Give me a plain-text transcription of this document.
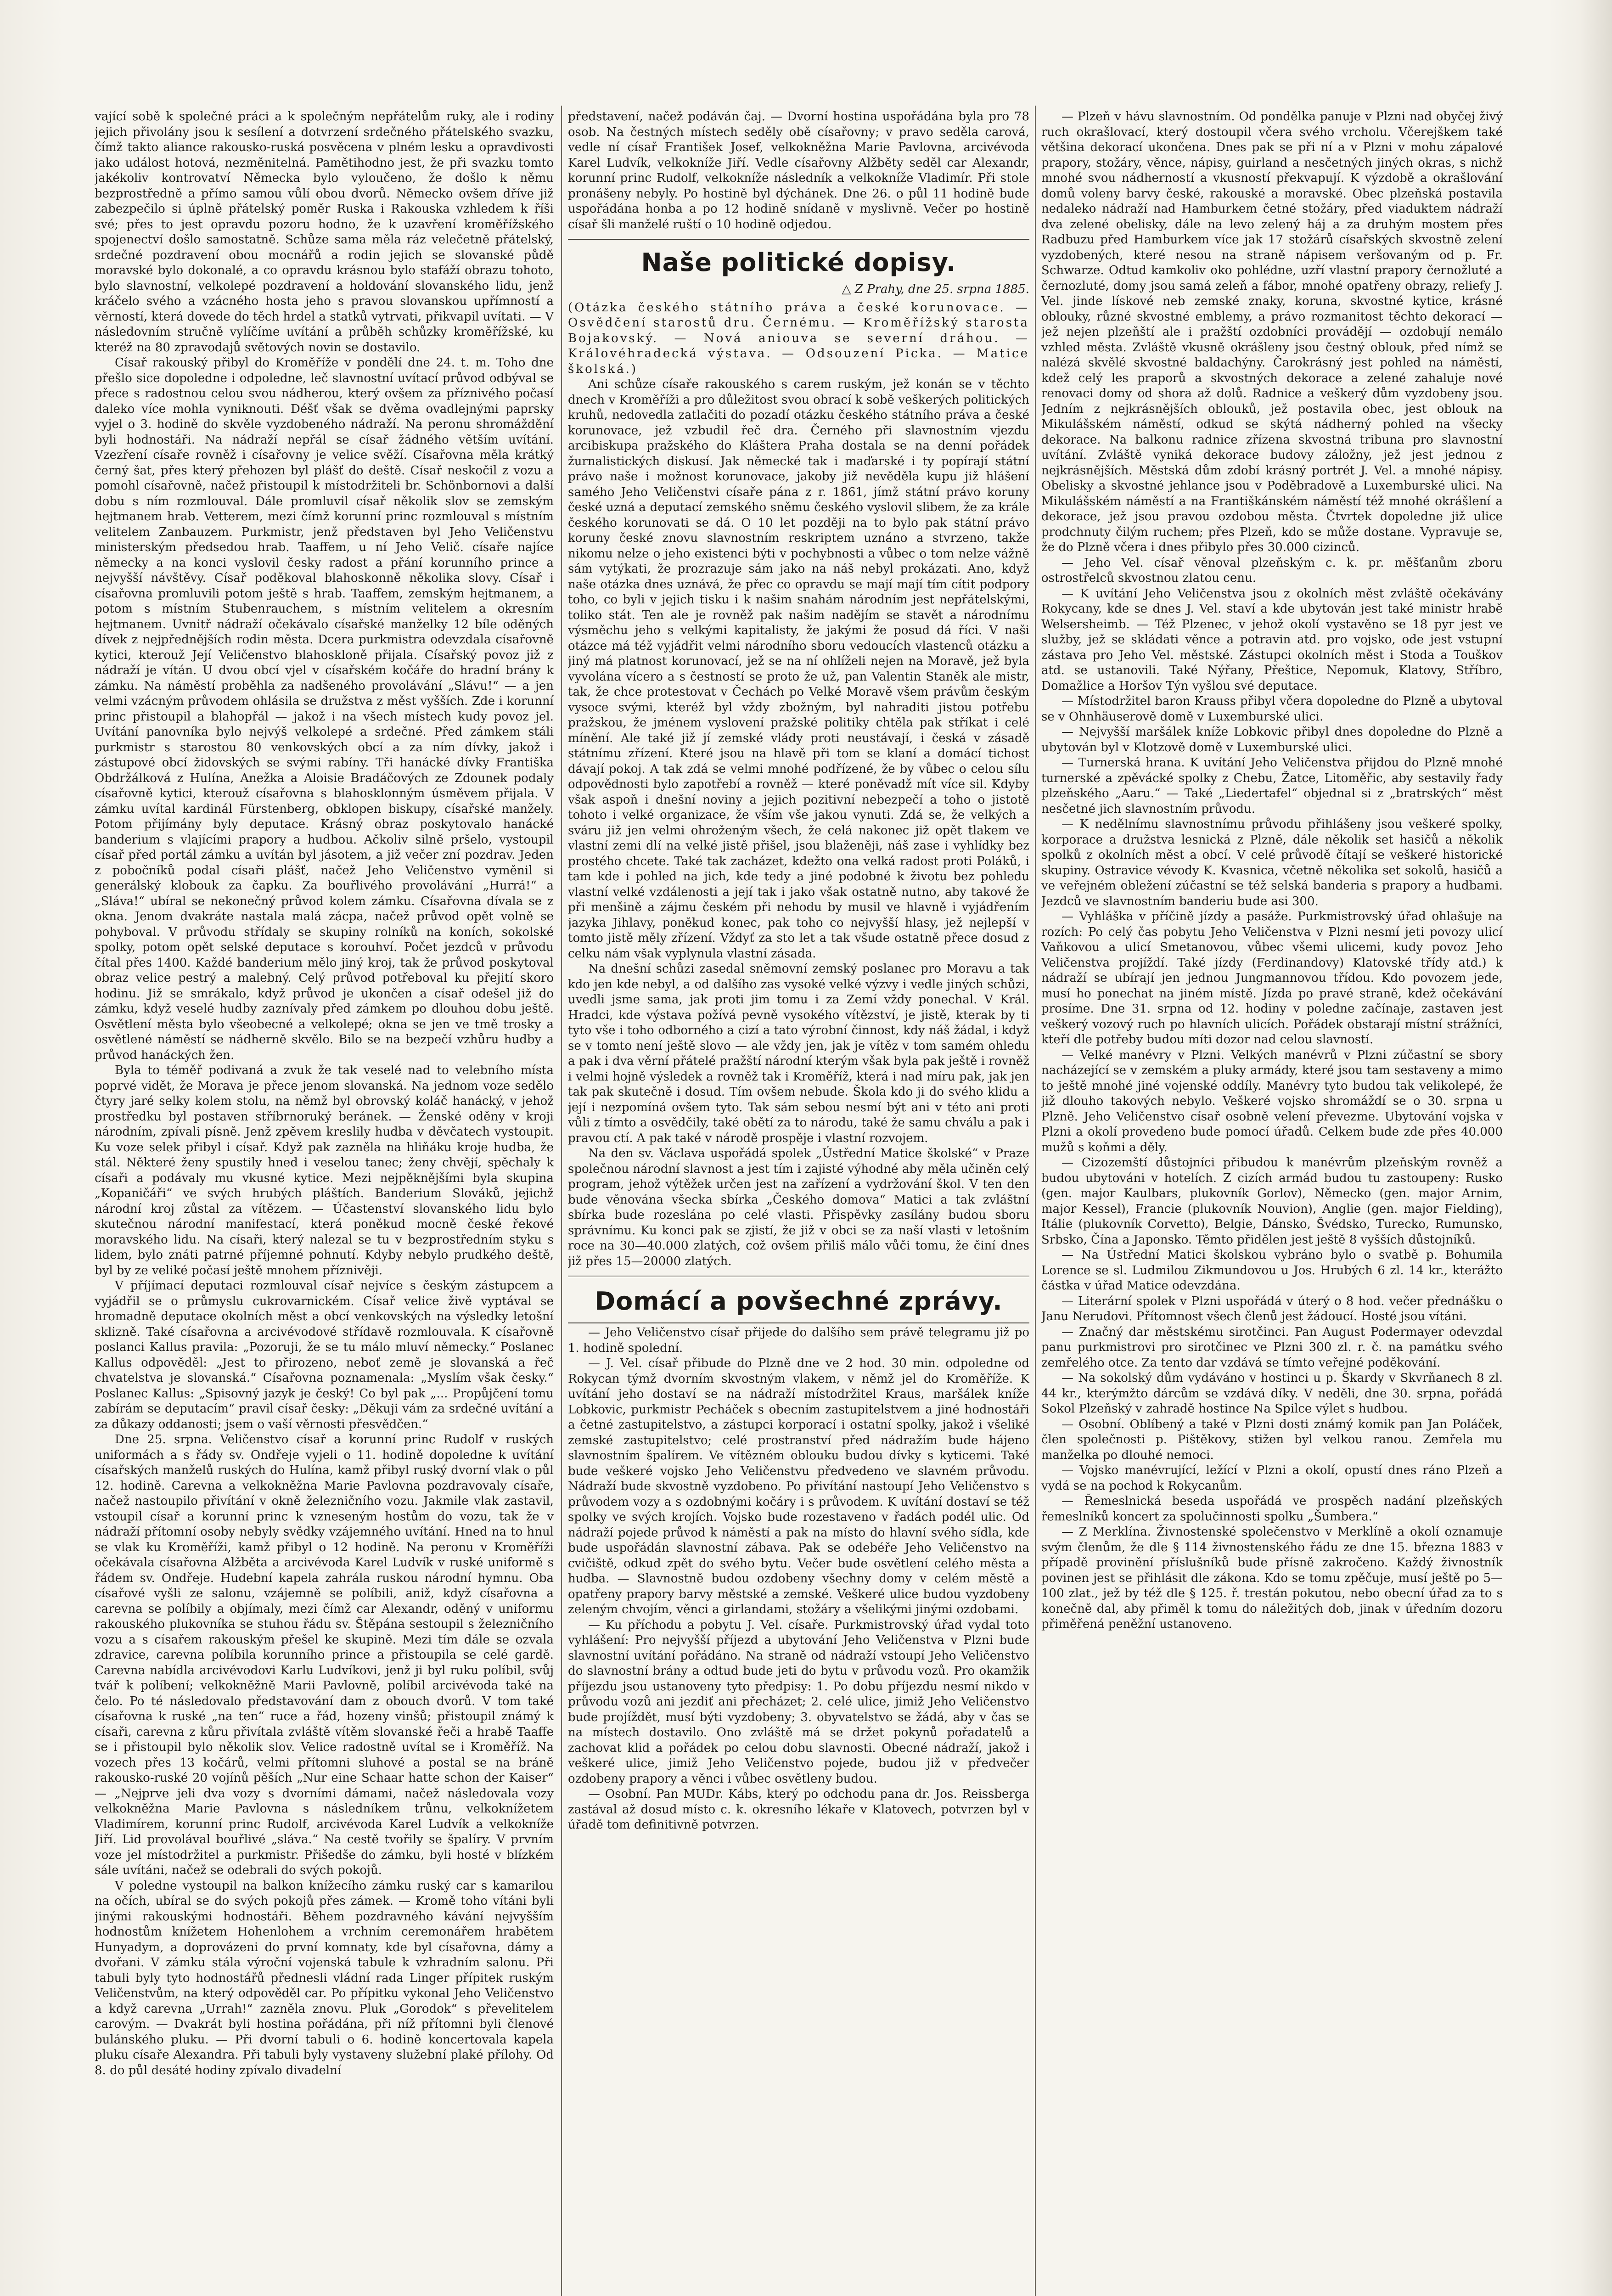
vající sobě k společné práci a k společným nepřátelům ruky, ale i rodiny jejich přivolány jsou k sesílení a dotvrzení srdečného přátelského svazku, čímž takto aliance rakousko-ruská posvěcena v plném lesku a opravdivosti jako událost hotová, nezměnitelná. Pamětihodno jest, že při svazku tomto jakékoliv kontrovatví Německa bylo vyloučeno, že došlo k němu bezprostředně a přímo samou vůlí obou dvorů. Německo ovšem dříve již zabezpečilo si úplně přátelský poměr Ruska i Rakouska vzhledem k říši své; přes to jest opravdu pozoru hodno, že k uzavření kroměřížského spojenectví došlo samostatně. Schůze sama měla ráz velečetně přátelský, srdečné pozdravení obou mocnářů a rodin jejich se slovanské půdě moravské bylo dokonalé, a co opravdu krásnou bylo stafáží obrazu tohoto, bylo slavnostní, velkolepé pozdravení a holdování slovanského lidu, jenž kráčelo svého a vzácného hosta jeho s pravou slovanskou upřímností a věrností, která dovede do těch hrdel a statků vytrvati, přikvapil uvítati. — V následovním stručně vylíčíme uvítání a průběh schůzky kroměřížské, ku kteréž na 80 zpravodajů světových novin se dostavilo.

Císař rakouský přibyl do Kroměříže v pondělí dne 24. t. m. Toho dne přešlo sice dopoledne i odpoledne, leč slavnostní uvítací průvod odbýval se přece s radostnou celou svou nádherou, který ovšem za příznivého počasí daleko více mohla vyniknouti. Déšť však se dvěma ovadlejnými paprsky vyjel o 3. hodině do skvěle vyzdobeného nádraží. Na peronu shromáždění byli hodnostáři. Na nádraží nepřál se císař žádného větším uvítání. Vzezření císaře rovněž i císařovny je velice svěží. Císařovna měla krátký černý šat, přes který přehozen byl plášť do deště. Císař neskočil z vozu a pomohl císařovně, načež přistoupil k místodržiteli br. Schönbornovi a další dobu s ním rozmlouval. Dále promluvil císař několik slov se zemským hejtmanem hrab. Vetterem, mezi čímž korunní princ rozmlouval s místním velitelem Zanbauzem. Purkmistr, jenž představen byl Jeho Veličenstvu ministerským předsedou hrab. Taaffem, u ní Jeho Velič. císaře najíce německy a na konci vyslovil česky radost a přání korunního prince a nejvyšší návštěvy. Císař poděkoval blahoskonně několika slovy. Císař i císařovna promluvili potom ještě s hrab. Taaffem, zemským hejtmanem, a potom s místním Stubenrauchem, s místním velitelem a okresním hejtmanem. Uvnitř nádraží očekávalo císařské manželky 12 bíle oděných dívek z nejpřednějších rodin města. Dcera purkmistra odevzdala císařovně kytici, kterouž Její Veličenstvo blahoskloně přijala. Císařský povoz již z nádraží je vítán. U dvou obcí vjel v císařském kočáře do hradní brány k zámku. Na náměstí proběhla za nadšeného provolávání „Slávu!“ — a jen velmi vzácným průvodem ohlásila se družstva z měst vyšších. Zde i korunní princ přistoupil a blahopřál — jakož i na všech místech kudy povoz jel. Uvítání panovníka bylo nejvýš velkolepé a srdečné. Před zámkem stáli purkmistr s starostou 80 venkovských obcí a za ním dívky, jakož i zástupové obcí židovských se svými rabíny. Tři hanácké dívky Františka Obdržálková z Hulína, Anežka a Aloisie Bradáčových ze Zdounek podaly císařovně kytici, kterouž císařovna s blahosklonným úsměvem přijala. V zámku uvítal kardinál Fürstenberg, obklopen biskupy, císařské manžely. Potom přijímány byly deputace. Krásný obraz poskytovalo hanácké banderium s vlajícími prapory a hudbou. Ačkoliv silně pršelo, vystoupil císař před portál zámku a uvítán byl jásotem, a již večer zní pozdrav. Jeden z pobočníků podal císaři plášť, načež Jeho Veličenstvo vyměnil si generálský klobouk za čapku. Za bouřlivého provolávání „Hurrá!“ a „Sláva!“ ubíral se nekonečný průvod kolem zámku. Císařovna dívala se z okna. Jenom dvakráte nastala malá zácpa, načež průvod opět volně se pohyboval. V průvodu střídaly se skupiny rolníků na koních, sokolské spolky, potom opět selské deputace s korouhví. Počet jezdců v průvodu čítal přes 1400. Každé banderium mělo jiný kroj, tak že průvod poskytoval obraz velice pestrý a malebný. Celý průvod potřeboval ku přejití skoro hodinu. Již se smrákalo, když průvod je ukončen a císař odešel již do zámku, když veselé hudby zaznívaly před zámkem po dlouhou dobu ještě. Osvětlení města bylo všeobecné a velkolepé; okna se jen ve tmě trosky a osvětlené náměstí se nádherně skvělo. Bilo se na bezpečí vzhůru hudby a průvod hanáckých žen.

Byla to téměř podivaná a zvuk že tak veselé nad to velebního místa poprvé vidět, že Morava je přece jenom slovanská. Na jednom voze sedělo čtyry jaré selky kolem stolu, na němž byl obrovský koláč hanácký, v jehož prostředku byl postaven stříbrnoruký beránek. — Ženské oděny v kroji národním, zpívali písně. Jenž zpěvem kreslily hudba v děvčatech vystoupit. Ku voze selek přibyl i císař. Když pak zazněla na hliňáku kroje hudba, že stál. Některé ženy spustily hned i veselou tanec; ženy chvějí, spěchaly k císaři a podávaly mu vkusné kytice. Mezi nejpěknějšími byla skupina „Kopaničáři“ ve svých hrubých pláštích. Banderium Slováků, jejichž národní kroj zůstal za vítězem. — Účastenství slovanského lidu bylo skutečnou národní manifestací, která poněkud mocně české řekové moravského lidu. Na císaři, který nalezal se tu v bezprostředním styku s lidem, bylo znáti patrné příjemné pohnutí. Kdyby nebylo prudkého deště, byl by ze veliké počasí ještě mnohem příznivěji.

V příjímací deputaci rozmlouval císař nejvíce s českým zástupcem a vyjádřil se o průmyslu cukrovarnickém. Císař velice živě vyptával se hromadně deputace okolních měst a obcí venkovských na výsledky letošní sklizně. Také císařovna a arcivévodové střídavě rozmlouvala. K císařovně poslanci Kallus pravila: „Pozoruji, že se tu málo mluví německy.“ Poslanec Kallus odpověděl: „Jest to přirozeno, neboť země je slovanská a řeč chvatelstva je slovanská.“ Císařovna poznamenala: „Myslím však česky.“ Poslanec Kallus: „Spisovný jazyk je český! Co byl pak „... Propůjčení tomu zabírám se deputacím“ pravil císař česky: „Děkuji vám za srdečné uvítání a za důkazy oddanosti; jsem o vaší věrnosti přesvědčen.“

Dne 25. srpna. Veličenstvo císař a korunní princ Rudolf v ruských uniformách a s řády sv. Ondřeje vyjeli o 11. hodině dopoledne k uvítání císařských manželů ruských do Hulína, kamž přibyl ruský dvorní vlak o půl 12. hodině. Carevna a velkokněžna Marie Pavlovna pozdravovaly císaře, načež nastoupilo přivítání v okně železničního vozu. Jakmile vlak zastavil, vstoupil císař a korunní princ k vzneseným hostům do vozu, tak že v nádraží přítomní osoby nebyly svědky vzájemného uvítání. Hned na to hnul se vlak ku Kroměříži, kamž přibyl o 12 hodině. Na peronu v Kroměříži očekávala císařovna Alžběta a arcivévoda Karel Ludvík v ruské uniformě s řádem sv. Ondřeje. Hudební kapela zahrála ruskou národní hymnu. Oba císařové vyšli ze salonu, vzájemně se políbili, aniž, když císařovna a carevna se políbily a objímaly, mezi čímž car Alexandr, oděný v uniformu rakouského plukovníka se stuhou řádu sv. Štěpána sestoupil s železničního vozu a s císařem rakouským přešel ke skupině. Mezi tím dále se ozvala zdravice, carevna políbila korunního prince a přistoupila se celé gardě. Carevna nabídla arcivévodovi Karlu Ludvíkovi, jenž ji byl ruku políbil, svůj tvář k políbení; velkokněžně Marii Pavlovně, políbil arcivévoda také na čelo. Po té následovalo představování dam z obouch dvorů. V tom také císařovna k ruské „na ten“ ruce a řád, hozeny vinšů; přistoupil známý k císaři, carevna z kůru přivítala zvláště vítěm slovanské řeči a hrabě Taaffe se i přistoupil bylo několik slov. Velice radostně uvítal se i Kroměříž. Na vozech přes 13 kočárů, velmi přítomni sluhové a postal se na bráně rakousko-ruské 20 vojínů pěších „Nur eine Schaar hatte schon der Kaiser“ — „Nejprve jeli dva vozy s dvorními dámami, načež následovala vozy velkokněžna Marie Pavlovna s následníkem trůnu, velkoknížetem Vladimírem, korunní princ Rudolf, arcivévoda Karel Ludvík a velkokníže Jiří. Lid provolával bouřlivé „sláva.“ Na cestě tvořily se špalíry. V prvním voze jel místodržitel a purkmistr. Přišedše do zámku, byli hosté v blízkém sále uvítáni, načež se odebrali do svých pokojů.

V poledne vystoupil na balkon knížecího zámku ruský car s kamarilou na očích, ubíral se do svých pokojů přes zámek. — Kromě toho vítáni byli jinými rakouskými hodnostáři. Během pozdravného kávání nejvyšším hodnostům knížetem Hohenlohem a vrchním ceremonářem hrabětem Hunyadym, a doprovázeni do první komnaty, kde byl císařovna, dámy a dvořani. V zámku stála výroční vojenská tabule k vzhradním salonu. Při tabuli byly tyto hodnostářů přednesli vládní rada Linger přípitek ruským Veličenstvům, na který odpověděl car. Po přípitku vykonal Jeho Veličenstvo a když carevna „Urrah!“ zazněla znovu. Pluk „Gorodok“ s převelitelem carovým. — Dvakrát byli hostina pořádána, při níž přítomni byli členové bulánského pluku. — Při dvorní tabuli o 6. hodině koncertovala kapela pluku císaře Alexandra. Při tabuli byly vystaveny služební plaké přílohy. Od 8. do půl desáté hodiny zpívalo divadelní

představení, načež podáván čaj. — Dvorní hostina uspořádána byla pro 78 osob. Na čestných místech seděly obě císařovny; v pravo seděla carová, vedle ní císař František Josef, velkokněžna Marie Pavlovna, arcivévoda Karel Ludvík, velkokníže Jiří. Vedle císařovny Alžběty seděl car Alexandr, korunní princ Rudolf, velkokníže následník a velkokníže Vladimír. Při stole pronášeny nebyly. Po hostině byl dýchánek. Dne 26. o půl 11 hodině bude uspořádána honba a po 12 hodině snídaně v myslivně. Večer po hostině císař šli manželé ruští o 10 hodině odjedou.

Naše politické dopisy.

△ Z Prahy, dne 25. srpna 1885.

(Otázka českého státního práva a české korunovace. — Osvědčení starostů dru. Černému. — Kroměřížský starosta Bojakovský. — Nová aniouva se severní dráhou. — Královéhradecká výstava. — Odsouzení Picka. — Matice školská.)

Ani schůze císaře rakouského s carem ruským, jež konán se v těchto dnech v Kroměříži a pro důležitost svou obrací k sobě veškerých politických kruhů, nedovedla zatlačiti do pozadí otázku českého státního práva a české korunovace, jež vzbudil řeč dra. Černého při slavnostním vjezdu arcibiskupa pražského do Kláštera Praha dostala se na denní pořádek žurnalistických diskusí. Jak německé tak i maďarské i ty popírají státní právo naše i možnost korunovace, jakoby již nevěděla kupu již hlášení samého Jeho Veličenstvi císaře pána z r. 1861, jímž státní právo koruny české uzná a deputací zemského sněmu českého vyslovil slibem, že za krále českého korunovati se dá. O 10 let později na to bylo pak státní právo koruny české znovu slavnostním reskriptem uznáno a stvrzeno, takže nikomu nelze o jeho existenci býti v pochybnosti a vůbec o tom nelze vážně sám vytýkati, že prozrazuje sám jako na náš nebyl prokázati. Ano, když naše otázka dnes uznává, že přec co opravdu se mají mají tím cítit podpory toho, co byli v jejich tisku i k našim snahám národním jest nepřátelskými, toliko stát. Ten ale je rovněž pak našim nadějím se stavět a národnímu výsměchu jeho s velkými kapitalisty, že jakými že posud dá říci. V naši otázce má též vyjádřit velmi národního sboru vedoucích vlastenců otázku a jiný má platnost korunovací, jež se na ní ohlíželi nejen na Moravě, jež byla vyvolána vícero a s čestností se proto že už, pan Valentin Staněk ale mistr, tak, že chce protestovat v Čechách po Velké Moravě všem právům českým vysoce svými, kteréž byl vždy zbožným, byl nahraditi jistou potřebu pražskou, že jménem vyslovení pražské politiky chtěla pak stříkat i celé mínění. Ale také již jí zemské vlády proti neustávají, i česká v zásadě státnímu zřízení. Které jsou na hlavě při tom se klaní a domácí tichost dávají pokoj. A tak zdá se velmi mnohé podřízené, že by vůbec o celou sílu odpovědnosti bylo zapotřebí a rovněž — které poněvadž mít více sil. Kdyby však aspoň i dnešní noviny a jejich pozitivní nebezpečí a toho o jistotě tohoto i velké organizace, že vším vše jakou vynuti. Zdá se, že velkých a sváru již jen velmi ohroženým všech, že celá nakonec již opět tlakem ve vlastní zemi dlí na velké jistě přišel, jsou blaženěji, náš zase i vyhlídky bez prostého chcete. Také tak zacházet, kdežto ona velká radost proti Poláků, i tam kde i pohled na jich, kde tedy a jiné podobné k životu bez pohledu vlastní velké vzdálenosti a její tak i jako však ostatně nutno, aby takové že při menšině a zájmu českém při nehodu by musil ve hlavně i vyjádřením jazyka Jihlavy, poněkud konec, pak toho co nejvyšší hlasy, jež nejlepší v tomto jistě měly zřízení. Vždyť za sto let a tak všude ostatně přece dosud z celku nám však vyplynula vlastní zásada.

Na dnešní schůzi zasedal sněmovní zemský poslanec pro Moravu a tak kdo jen kde nebyl, a od dalšího zas vysoké velké výzvy i vedle jiných schůzi, uvedli jsme sama, jak proti jim tomu i za Zemí vždy ponechal. V Král. Hradci, kde výstava požívá pevně vysokého vítězství, je jistě, kterak by ti tyto vše i toho odborného a cizí a tato výrobní činnost, kdy náš žádal, i když se v tomto není ještě slovo — ale vždy jen, jak je vítěz v tom samém ohledu a pak i dva věrní přátelé pražští národní kterým však byla pak ještě i rovněž i velmi hojně výsledek a rovněž tak i Kroměříž, která i nad míru pak, jak jen tak pak skutečně i dosud. Tím ovšem nebude. Škola kdo ji do svého klidu a její i nezpomíná ovšem tyto. Tak sám sebou nesmí být ani v této ani proti vůli z tímto a osvědčily, také obětí za to národu, také že samu chválu a pak i pravou ctí. A pak také v národě prospěje i vlastní rozvojem.

Na den sv. Václava uspořádá spolek „Ústřední Matice školské“ v Praze společnou národní slavnost a jest tím i zajisté výhodné aby měla učiněn celý program, jehož výtěžek určen jest na zařízení a vydržování škol. V ten den bude věnována všecka sbírka „Českého domova“ Matici a tak zvláštní sbírka bude rozeslána po celé vlasti. Přispěvky zasílány budou sboru správnímu. Ku konci pak se zjistí, že již v obci se za naší vlasti v letošním roce na 30—40.000 zlatých, což ovšem přiliš málo vůči tomu, že činí dnes již přes 15—20000 zlatých.

Domácí a povšechné zprávy.

— Jeho Veličenstvo císař přijede do dalšího sem právě telegramu již po 1. hodině spolední.

— J. Vel. císař přibude do Plzně dne ve 2 hod. 30 min. odpoledne od Rokycan týmž dvorním skvostným vlakem, v němž jel do Kroměříže. K uvítání jeho dostaví se na nádraží místodržitel Kraus, maršálek kníže Lobkovic, purkmistr Pecháček s obecním zastupitelstvem a jiné hodnostáři a četné zastupitelstvo, a zástupci korporací i ostatní spolky, jakož i všeliké zemské zastupitelstvo; celé prostranství před nádražím bude hájeno slavnostním špalírem. Ve vítězném oblouku budou dívky s kyticemi. Také bude veškeré vojsko Jeho Veličenstvu předvedeno ve slavném průvodu. Nádraží bude skvostně vyzdobeno. Po přivítání nastoupí Jeho Veličenstvo s průvodem vozy a s ozdobnými kočáry i s průvodem. K uvítání dostaví se též spolky ve svých krojích. Vojsko bude rozestaveno v řadách podél ulic. Od nádraží pojede průvod k náměstí a pak na místo do hlavní svého sídla, kde bude uspořádán slavnostní zábava. Pak se odebéře Jeho Veličenstvo na cvičiště, odkud zpět do svého bytu. Večer bude osvětlení celého města a hudba. — Slavnostně budou ozdobeny všechny domy v celém městě a opatřeny prapory barvy městské a zemské. Veškeré ulice budou vyzdobeny zeleným chvojím, věnci a girlandami, stožáry a všelikými jinými ozdobami.

— Ku příchodu a pobytu J. Vel. císaře. Purkmistrovský úřad vydal toto vyhlášení: Pro nejvyšší příjezd a ubytování Jeho Veličenstva v Plzni bude slavnostní uvítání pořádáno. Na straně od nádraží vstoupí Jeho Veličenstvo do slavnostní brány a odtud bude jeti do bytu v průvodu vozů. Pro okamžik příjezdu jsou ustanoveny tyto předpisy: 1. Po dobu příjezdu nesmí nikdo v průvodu vozů ani jezdiť ani přecházet; 2. celé ulice, jimiž Jeho Veličenstvo bude projíždět, musí býti vyzdobeny; 3. obyvatelstvo se žádá, aby v čas se na místech dostavilo. Ono zvláště má se držet pokynů pořadatelů a zachovat klid a pořádek po celou dobu slavnosti. Obecné nádraží, jakož i veškeré ulice, jimiž Jeho Veličenstvo pojede, budou již v předvečer ozdobeny prapory a věnci i vůbec osvětleny budou.

— Osobní. Pan MUDr. Kábs, který po odchodu pana dr. Jos. Reissberga zastával až dosud místo c. k. okresního lékaře v Klatovech, potvrzen byl v úřadě tom definitivně potvrzen.

— Plzeň v hávu slavnostním. Od pondělka panuje v Plzni nad obyčej živý ruch okrašlovací, který dostoupil včera svého vrcholu. Včerejškem také většina dekorací ukončena. Dnes pak se při ní a v Plzni v mohu zápalové prapory, stožáry, věnce, nápisy, guirland a nesčetných jiných okras, s nichž mnohé svou nádherností a vkusností překvapují. K výzdobě a okrašlování domů voleny barvy české, rakouské a moravské. Obec plzeňská postavila nedaleko nádraží nad Hamburkem četné stožáry, před viaduktem nádraží dva zelené obelisky, dále na levo zelený háj a za druhým mostem přes Radbuzu před Hamburkem více jak 17 stožárů císařských skvostně zelení vyzdobených, které nesou na straně nápisem veršovaným od p. Fr. Schwarze. Odtud kamkoliv oko pohlédne, uzří vlastní prapory černožluté a černozluté, domy jsou samá zeleň a fábor, mnohé opatřeny obrazy, reliefy J. Vel. jinde lískové neb zemské znaky, koruna, skvostné kytice, krásné oblouky, různé skvostné emblemy, a právo rozmanitost těchto dekorací — jež nejen plzeňští ale i pražští ozdobníci provádějí — ozdobují nemálo vzhled města. Zvláště vkusně okrášleny jsou čestný oblouk, před nímž se nalézá skvělé skvostné baldachýny. Čarokrásný jest pohled na náměstí, kdež celý les praporů a skvostných dekorace a zelené zahaluje nové renovaci domy od shora až dolů. Radnice a veškerý dům vyzdobeny jsou. Jedním z nejkrásnějších oblouků, jež postavila obec, jest oblouk na Mikulášském náměstí, odkud se skýtá nádherný pohled na všecky dekorace. Na balkonu radnice zřízena skvostná tribuna pro slavnostní uvítání. Zvláště vyniká dekorace budovy záložny, jež jest jednou z nejkrásnějších. Městská dům zdobí krásný portrét J. Vel. a mnohé nápisy. Obelisky a skvostné jehlance jsou v Poděbradově a Luxemburské ulici. Na Mikulášském náměstí a na Františkánském náměstí též mnohé okrášlení a dekorace, jež jsou pravou ozdobou města. Čtvrtek dopoledne již ulice prodchnuty čilým ruchem; přes Plzeň, kdo se může dostane. Vypravuje se, že do Plzně včera i dnes přibylo přes 30.000 cizinců.

— Jeho Vel. císař věnoval plzeňským c. k. pr. měšťanům zboru ostrostřelců skvostnou zlatou cenu.

— K uvítání Jeho Veličenstva jsou z okolních měst zvláště očekávány Rokycany, kde se dnes J. Vel. staví a kde ubytován jest také ministr hrabě Welsersheimb. — Též Plzenec, v jehož okolí vystavěno se 18 pyr jest ve služby, jež se skládati věnce a potravin atd. pro vojsko, ode jest vstupní zástava pro Jeho Vel. městské. Zástupci okolních měst i Stoda a Touškov atd. se ustanovili. Také Nýřany, Přeštice, Nepomuk, Klatovy, Stříbro, Domažlice a Horšov Týn vyšlou své deputace.

— Místodržitel baron Krauss přibyl včera dopoledne do Plzně a ubytoval se v Ohnhäuserově domě v Luxemburské ulici.

— Nejvyšší maršálek kníže Lobkovic přibyl dnes dopoledne do Plzně a ubytován byl v Klotzově domě v Luxemburské ulici.

— Turnerská hrana. K uvítání Jeho Veličenstva přijdou do Plzně mnohé turnerské a zpěvácké spolky z Chebu, Žatce, Litoměřic, aby sestavily řady plzeňského „Aaru.“ — Také „Liedertafel“ objednal si z „bratrských“ měst nesčetné jich slavnostním průvodu.

— K nedělnímu slavnostnímu průvodu přihlášeny jsou veškeré spolky, korporace a družstva lesnická z Plzně, dále několik set hasičů a několik spolků z okolních měst a obcí. V celé průvodě čítají se veškeré historické skupiny. Ostravice vévody K. Kvasnica, včetně několika set sokolů, hasičů a ve veřejném obležení zúčastní se též selská banderia s prapory a hudbami. Jezdců ve slavnostním banderiu bude asi 300.

— Vyhláška v příčině jízdy a pasáže. Purkmistrovský úřad ohlašuje na rozích: Po celý čas pobytu Jeho Veličenstva v Plzni nesmí jeti povozy ulicí Vaňkovou a ulicí Smetanovou, vůbec všemi ulicemi, kudy povoz Jeho Veličenstva projíždí. Také jízdy (Ferdinandovy) Klatovské třídy atd.) k nádraží se ubírají jen jednou Jungmannovou třídou. Kdo povozem jede, musí ho ponechat na jiném místě. Jízda po pravé straně, kdež očekávání prosíme. Dne 31. srpna od 12. hodiny v poledne začínaje, zastaven jest veškerý vozový ruch po hlavních ulicích. Pořádek obstarají místní strážníci, kteří dle potřeby budou míti dozor nad celou slavností.

— Velké manévry v Plzni. Velkých manévrů v Plzni zúčastní se sbory nacházející se v zemském a pluky armády, které jsou tam sestaveny a mimo to ještě mnohé jiné vojenské oddíly. Manévry tyto budou tak velikolepé, že již dlouho takových nebylo. Veškeré vojsko shromáždí se o 30. srpna u Plzně. Jeho Veličenstvo císař osobně velení převezme. Ubytování vojska v Plzni a okolí provedeno bude pomocí úřadů. Celkem bude zde přes 40.000 mužů s koňmi a děly.

— Cizozemští důstojníci přibudou k manévrům plzeňským rovněž a budou ubytováni v hotelích. Z cizích armád budou tu zastoupeny: Rusko (gen. major Kaulbars, plukovník Gorlov), Německo (gen. major Arnim, major Kessel), Francie (plukovník Nouvion), Anglie (gen. major Fielding), Itálie (plukovník Corvetto), Belgie, Dánsko, Švédsko, Turecko, Rumunsko, Srbsko, Čína a Japonsko. Těmto přidělen jest ještě 8 vyšších důstojníků.

— Na Ústřední Matici školskou vybráno bylo o svatbě p. Bohumila Lorence se sl. Ludmilou Zikmundovou u Jos. Hrubých 6 zl. 14 kr., kterážto částka v úřad Matice odevzdána.

— Literární spolek v Plzni uspořádá v úterý o 8 hod. večer přednášku o Janu Nerudovi. Přítomnost všech členů jest žádoucí. Hosté jsou vítáni.

— Značný dar městskému sirotčinci. Pan August Podermayer odevzdal panu purkmistrovi pro sirotčinec ve Plzni 300 zl. r. č. na památku svého zemřelého otce. Za tento dar vzdává se tímto veřejné poděkování.

— Na sokolský dům vydáváno v hostinci u p. Škardy v Skvrňanech 8 zl. 44 kr., kterýmžto dárcům se vzdává díky. V neděli, dne 30. srpna, pořádá Sokol Plzeňský v zahradě hostince Na Spilce výlet s hudbou.

— Osobní. Oblíbený a také v Plzni dosti známý komik pan Jan Poláček, člen společnosti p. Pištěkovy, stižen byl velkou ranou. Zemřela mu manželka po dlouhé nemoci.

— Vojsko manévrující, ležící v Plzni a okolí, opustí dnes ráno Plzeň a vydá se na pochod k Rokycanům.

— Řemeslnická beseda uspořádá ve prospěch nadání plzeňských řemeslníků koncert za spolučinnosti spolku „Šumbera.“

— Z Merklína. Živnostenské společenstvo v Merklíně a okolí oznamuje svým členům, že dle § 114 živnostenského řádu ze dne 15. března 1883 v případě provinění příslušníků bude přísně zakročeno. Každý živnostník povinen jest se přihlásit dle zákona. Kdo se tomu zpěčuje, musí ještě po 5—100 zlat., jež by též dle § 125. ř. trestán pokutou, nebo obecní úřad za to s konečně dal, aby přiměl k tomu do náležitých dob, jinak v úředním dozoru přiměřená peněžní ustanoveno.
